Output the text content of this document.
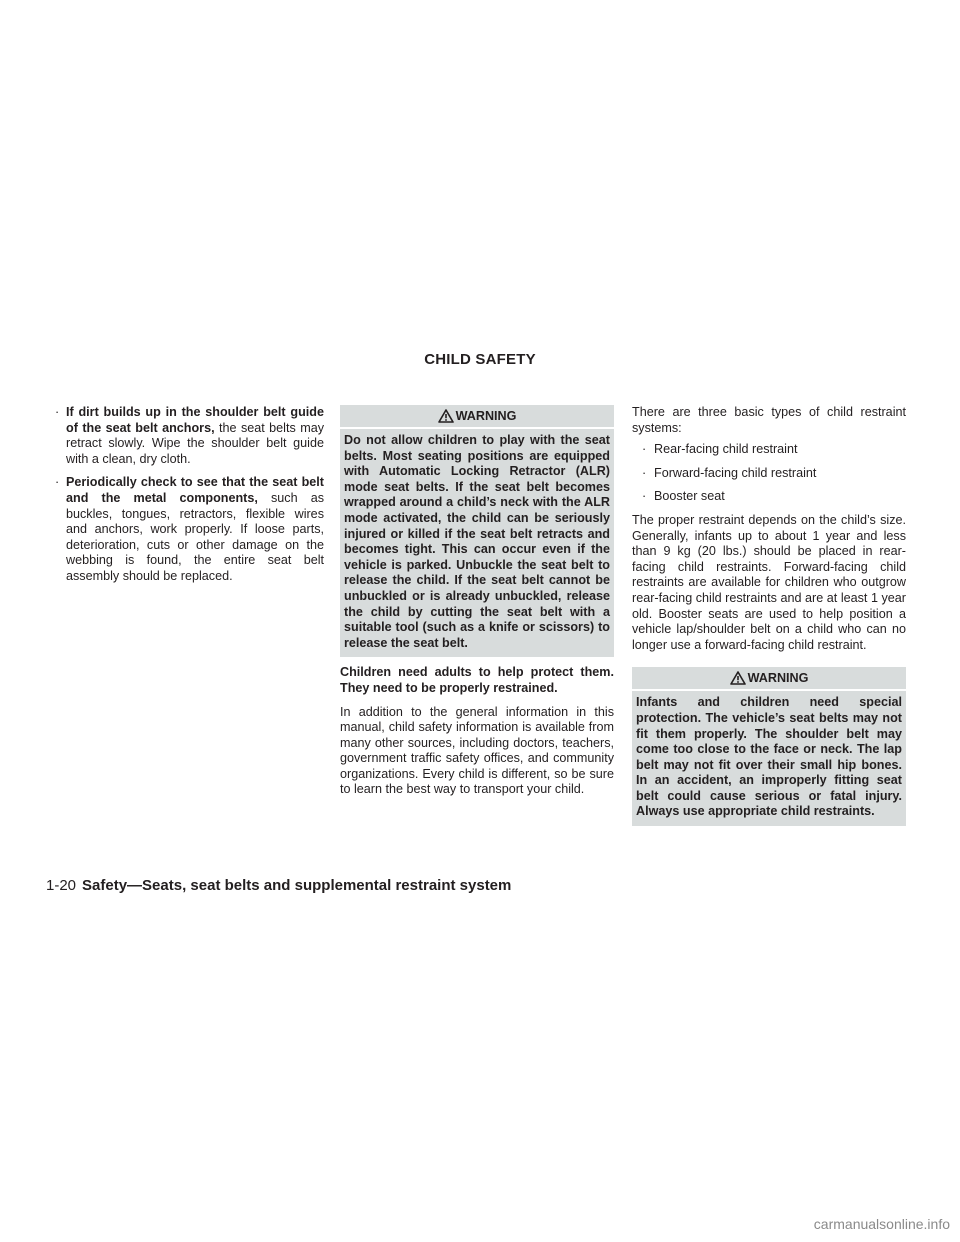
CHILD SAFETY
· If dirt builds up in the shoulder belt guide of the seat belt anchors, the seat belts may retract slowly. Wipe the shoulder belt guide with a clean, dry cloth.
· Periodically check to see that the seat belt and the metal components, such as buckles, tongues, retractors, flexible wires and anchors, work properly. If loose parts, deterioration, cuts or other damage on the webbing is found, the entire seat belt assembly should be replaced.
WARNING
Do not allow children to play with the seat belts. Most seating positions are equipped with Automatic Locking Retractor (ALR) mode seat belts. If the seat belt becomes wrapped around a child’s neck with the ALR mode activated, the child can be seriously injured or killed if the seat belt retracts and becomes tight. This can occur even if the vehicle is parked. Unbuckle the seat belt to release the child. If the seat belt cannot be unbuckled or is already unbuckled, release the child by cutting the seat belt with a suitable tool (such as a knife or scissors) to release the seat belt.

Children need adults to help protect them. They need to be properly restrained.

In addition to the general information in this manual, child safety information is available from many other sources, including doctors, teachers, government traffic safety offices, and community organizations. Every child is different, so be sure to learn the best way to transport your child.

There are three basic types of child restraint systems:

· Rear-facing child restraint
· Forward-facing child restraint
· Booster seat

The proper restraint depends on the child’s size. Generally, infants up to about 1 year and less than 9 kg (20 lbs.) should be placed in rear-facing child restraints. Forward-facing child restraints are available for children who outgrow rear-facing child restraints and are at least 1 year old. Booster seats are used to help position a vehicle lap/shoulder belt on a child who can no longer use a forward-facing child restraint.

WARNING
Infants and children need special protection. The vehicle’s seat belts may not fit them properly. The shoulder belt may come too close to the face or neck. The lap belt may not fit over their small hip bones. In an accident, an improperly fitting seat belt could cause serious or fatal injury. Always use appropriate child restraints.
1-20 Safety—Seats, seat belts and supplemental restraint system
carmanualsonline.info
